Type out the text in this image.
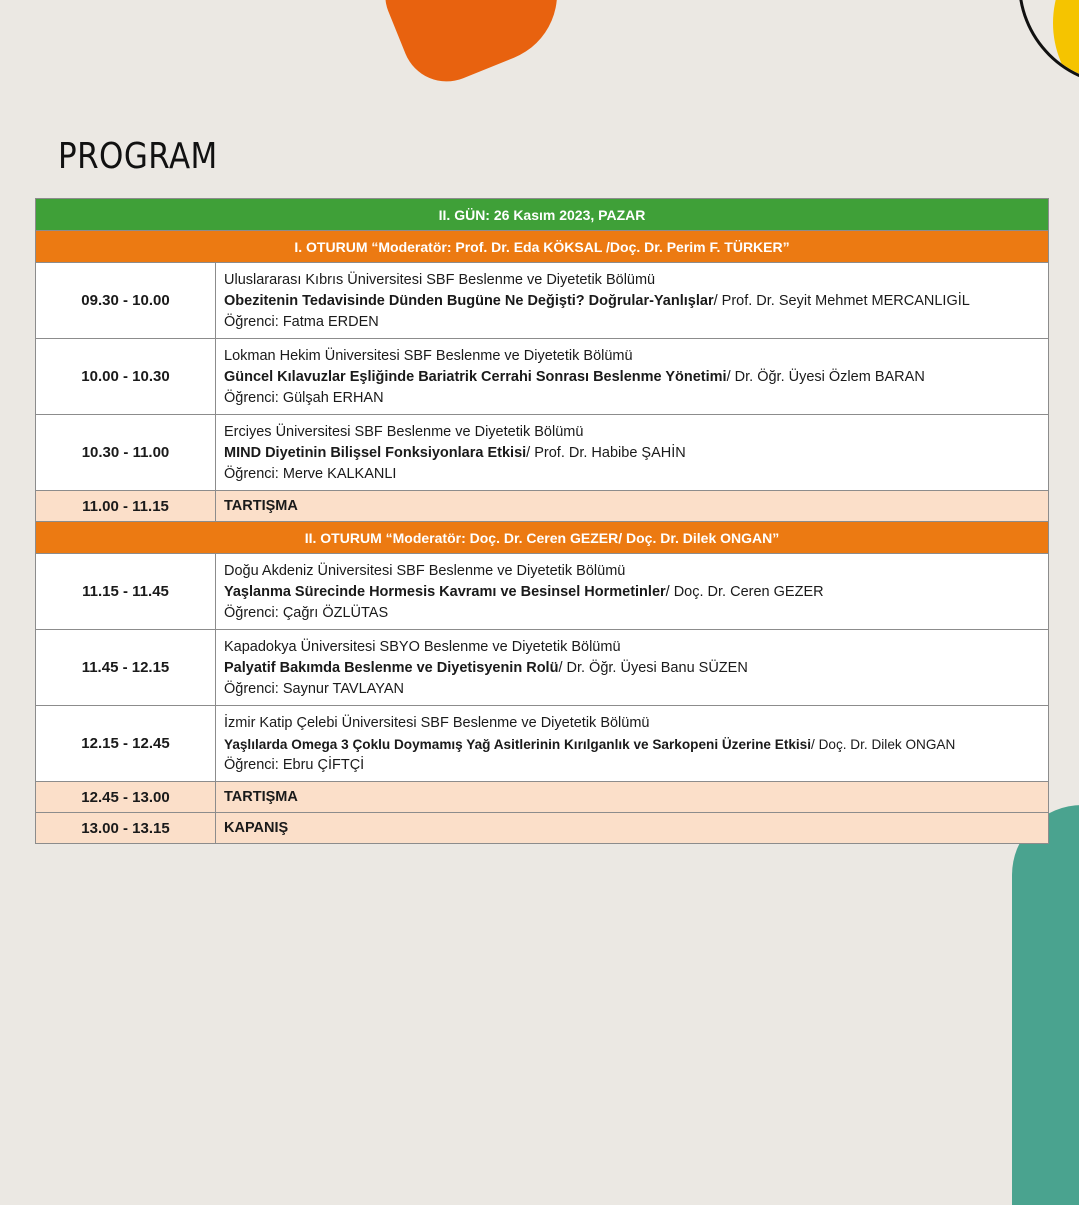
PROGRAM
II. GÜN: 26 Kasım 2023, PAZAR	
I. OTURUM “Moderatör: Prof. Dr. Eda KÖKSAL /Doç. Dr. Perim F. TÜRKER”	
09.30 - 10.00	Uluslararası Kıbrıs Üniversitesi SBF Beslenme ve Diyetetik Bölümü
Obezitenin Tedavisinde Dünden Bugüne Ne Değişti? Doğrular-Yanlışlar/ Prof. Dr. Seyit Mehmet MERCANLIGİL
Öğrenci: Fatma ERDEN

10.00 - 10.30	Lokman Hekim Üniversitesi SBF Beslenme ve Diyetetik Bölümü
Güncel Kılavuzlar Eşliğinde Bariatrik Cerrahi Sonrası Beslenme Yönetimi/ Dr. Öğr. Üyesi Özlem BARAN
Öğrenci: Gülşah ERHAN

10.30 - 11.00	Erciyes Üniversitesi SBF Beslenme ve Diyetetik Bölümü
MIND Diyetinin Bilişsel Fonksiyonlara Etkisi/ Prof. Dr. Habibe ŞAHİN
Öğrenci: Merve KALKANLI

11.00 - 11.15	TARTIŞMA
II. OTURUM “Moderatör: Doç. Dr. Ceren GEZER/ Doç. Dr. Dilek ONGAN”	
11.15 - 11.45	Doğu Akdeniz Üniversitesi SBF Beslenme ve Diyetetik Bölümü
Yaşlanma Sürecinde Hormesis Kavramı ve Besinsel Hormetinler/ Doç. Dr. Ceren GEZER
Öğrenci: Çağrı ÖZLÜTAS

11.45 - 12.15	Kapadokya Üniversitesi SBYO Beslenme ve Diyetetik Bölümü
Palyatif Bakımda Beslenme ve Diyetisyenin Rolü/ Dr. Öğr. Üyesi Banu SÜZEN
Öğrenci: Saynur TAVLAYAN

12.15 - 12.45	İzmir Katip Çelebi Üniversitesi SBF Beslenme ve Diyetetik Bölümü
Yaşlılarda Omega 3 Çoklu Doymamış Yağ Asitlerinin Kırılganlık ve Sarkopeni Üzerine Etkisi/ Doç. Dr. Dilek ONGAN
Öğrenci: Ebru ÇİFTÇİ

12.45 - 13.00	TARTIŞMA
13.00 - 13.15	KAPANIŞ
